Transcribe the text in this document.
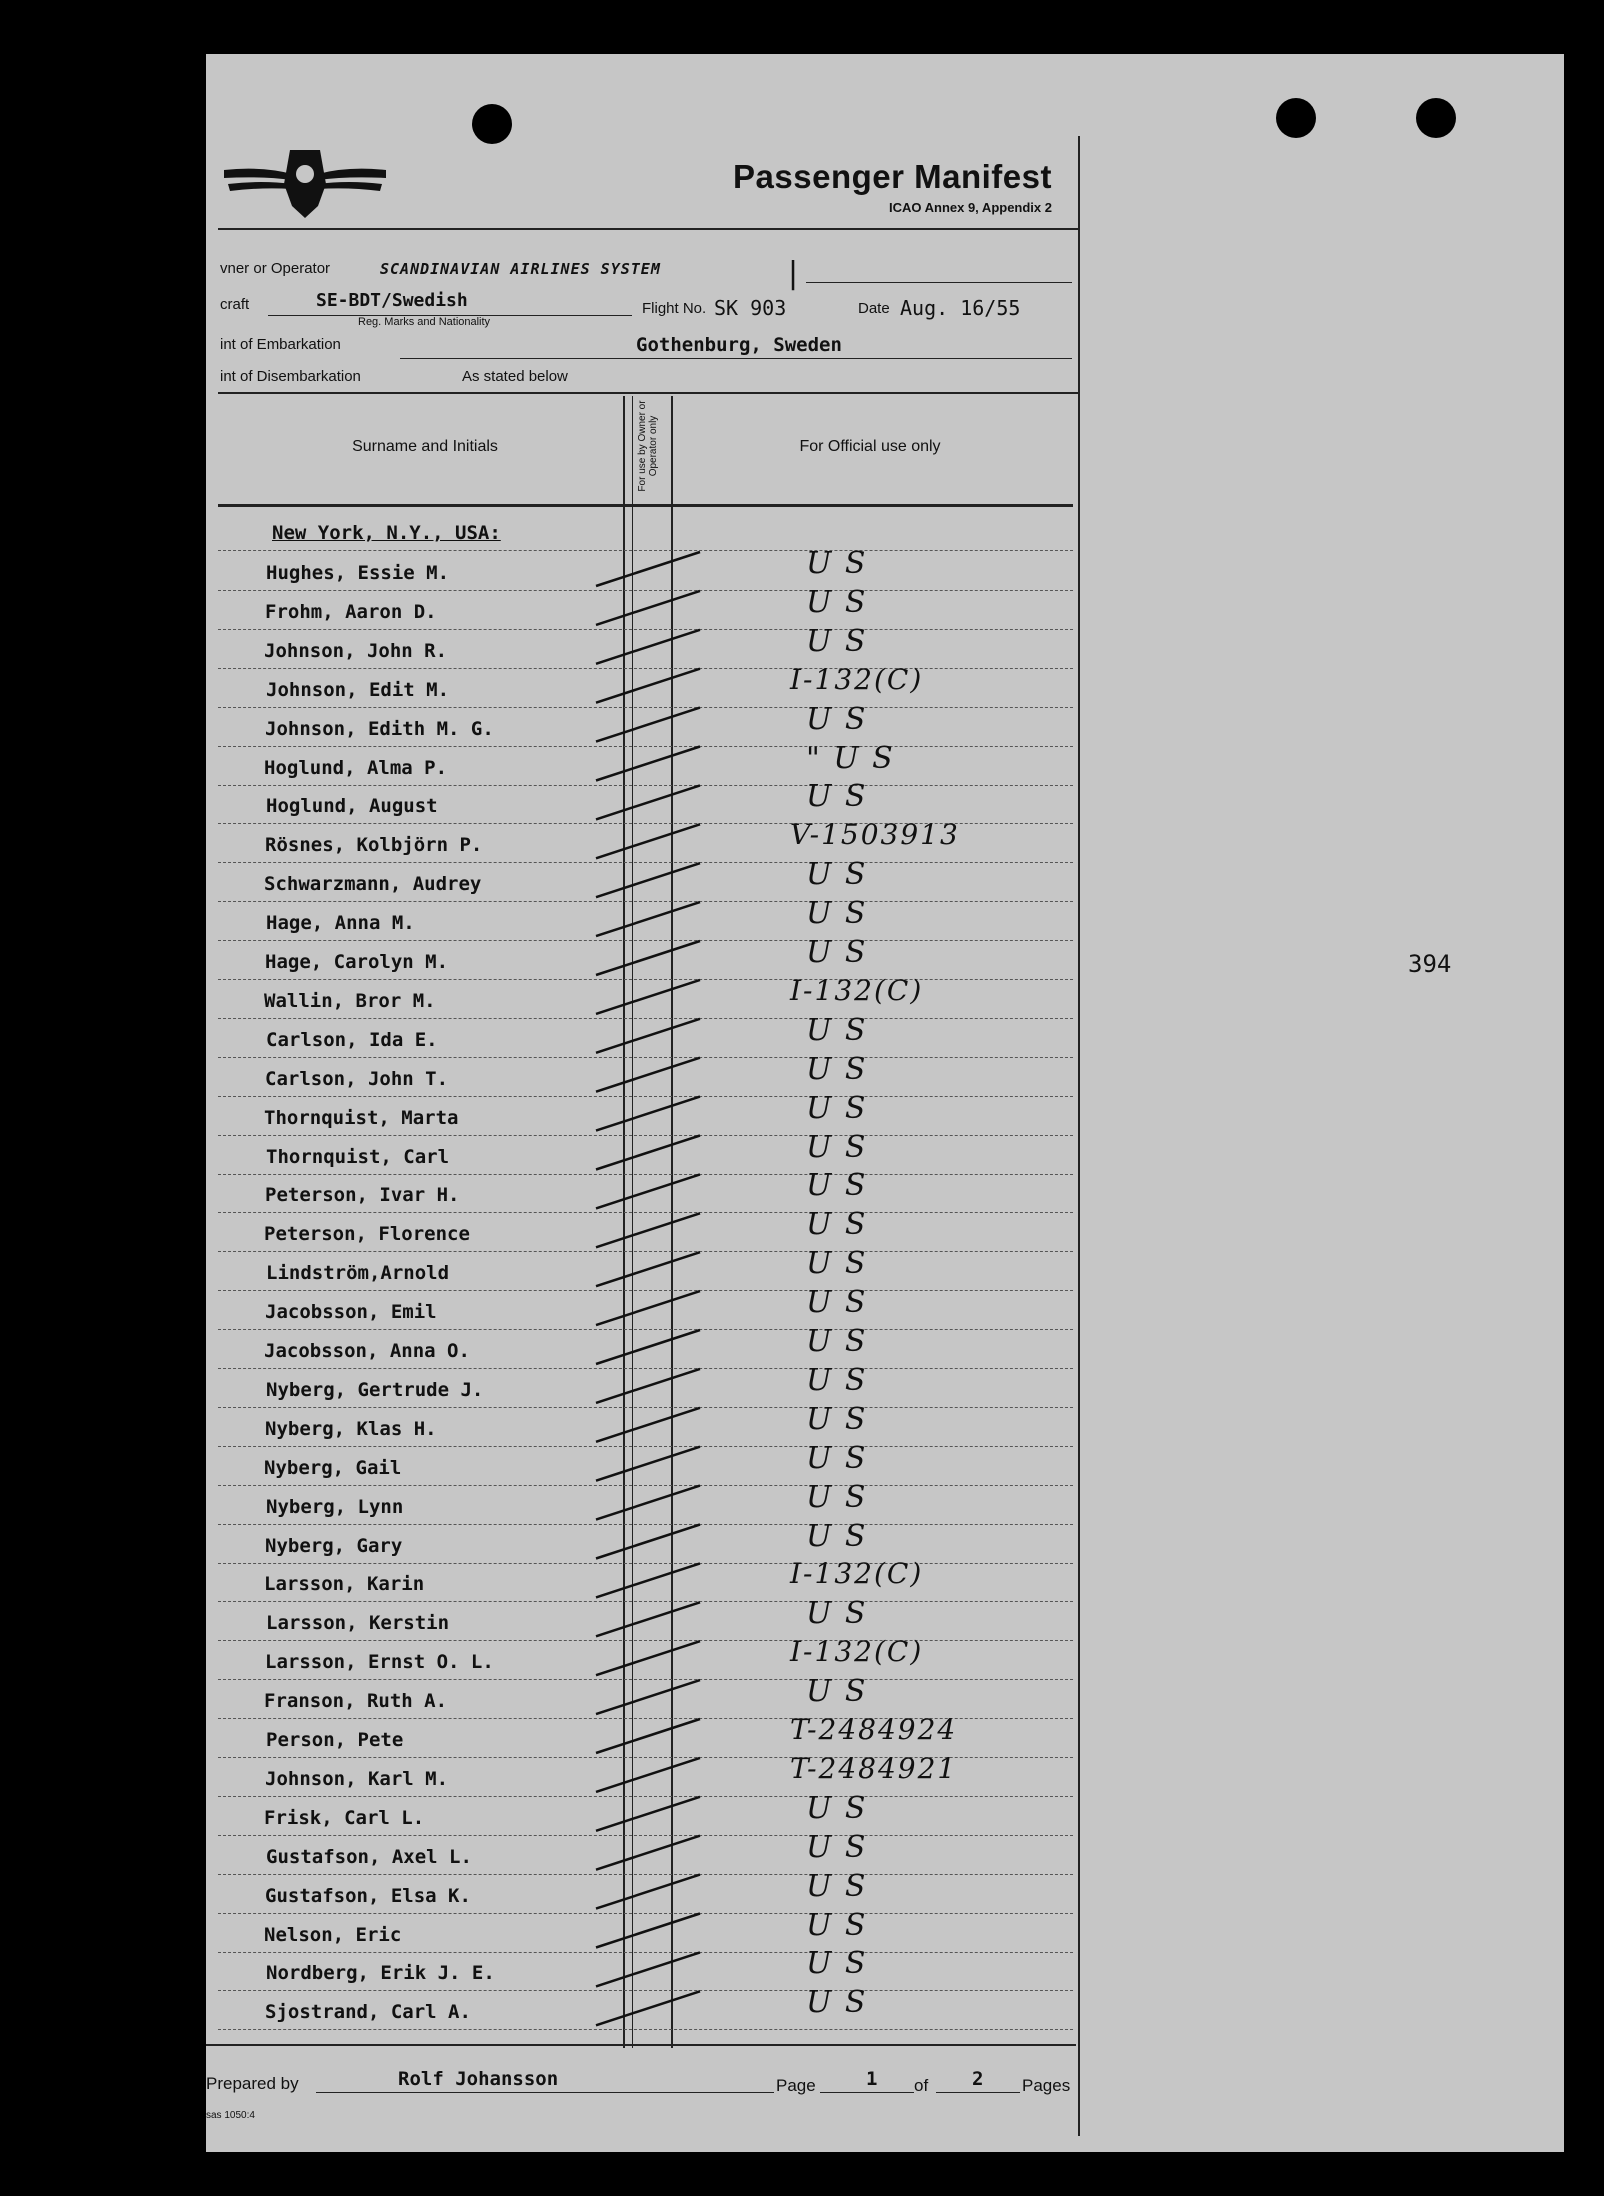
Passenger Manifest
ICAO Annex 9, Appendix 2
vner or Operator	SCANDINAVIAN AIRLINES SYSTEM	|
craft	SE-BDT/Swedish
Reg. Marks and Nationality
Flight No. SK 903	Date Aug. 16/55
int of Embarkation	Gothenburg, Sweden
int of Disembarkation	As stated below
Surname and Initials	For use by Owner or Operator only	For Official use only
New York, N.Y., USA:
Hughes, Essie M.	U S
Frohm, Aaron D.	U S
Johnson, John R.	U S
Johnson, Edit M.	I-132(C)
Johnson, Edith M. G.	U S
Hoglund, Alma P.	" U S
Hoglund, August	U S
Rösnes, Kolbjörn P.	V-1503913
Schwarzmann, Audrey	U S
Hage, Anna M.	U S
Hage, Carolyn M.	U S
Wallin, Bror M.	I-132(C)
Carlson, Ida E.	U S
Carlson, John T.	U S
Thornquist, Marta	U S
Thornquist, Carl	U S
Peterson, Ivar H.	U S
Peterson, Florence	U S
Lindström,Arnold	U S
Jacobsson, Emil	U S
Jacobsson, Anna O.	U S
Nyberg, Gertrude J.	U S
Nyberg, Klas H.	U S
Nyberg, Gail	U S
Nyberg, Lynn	U S
Nyberg, Gary	U S
Larsson, Karin	I-132(C)
Larsson, Kerstin	U S
Larsson, Ernst O. L.	I-132(C)
Franson, Ruth A.	U S
Person, Pete	T-2484924
Johnson, Karl M.	T-2484921
Frisk, Carl L.	U S
Gustafson, Axel L.	U S
Gustafson, Elsa K.	U S
Nelson, Eric	U S
Nordberg, Erik J. E.	U S
Sjostrand, Carl A.	U S
Prepared by	Rolf Johansson	Page	1 of 2 Pages
sas 1050:4
394
